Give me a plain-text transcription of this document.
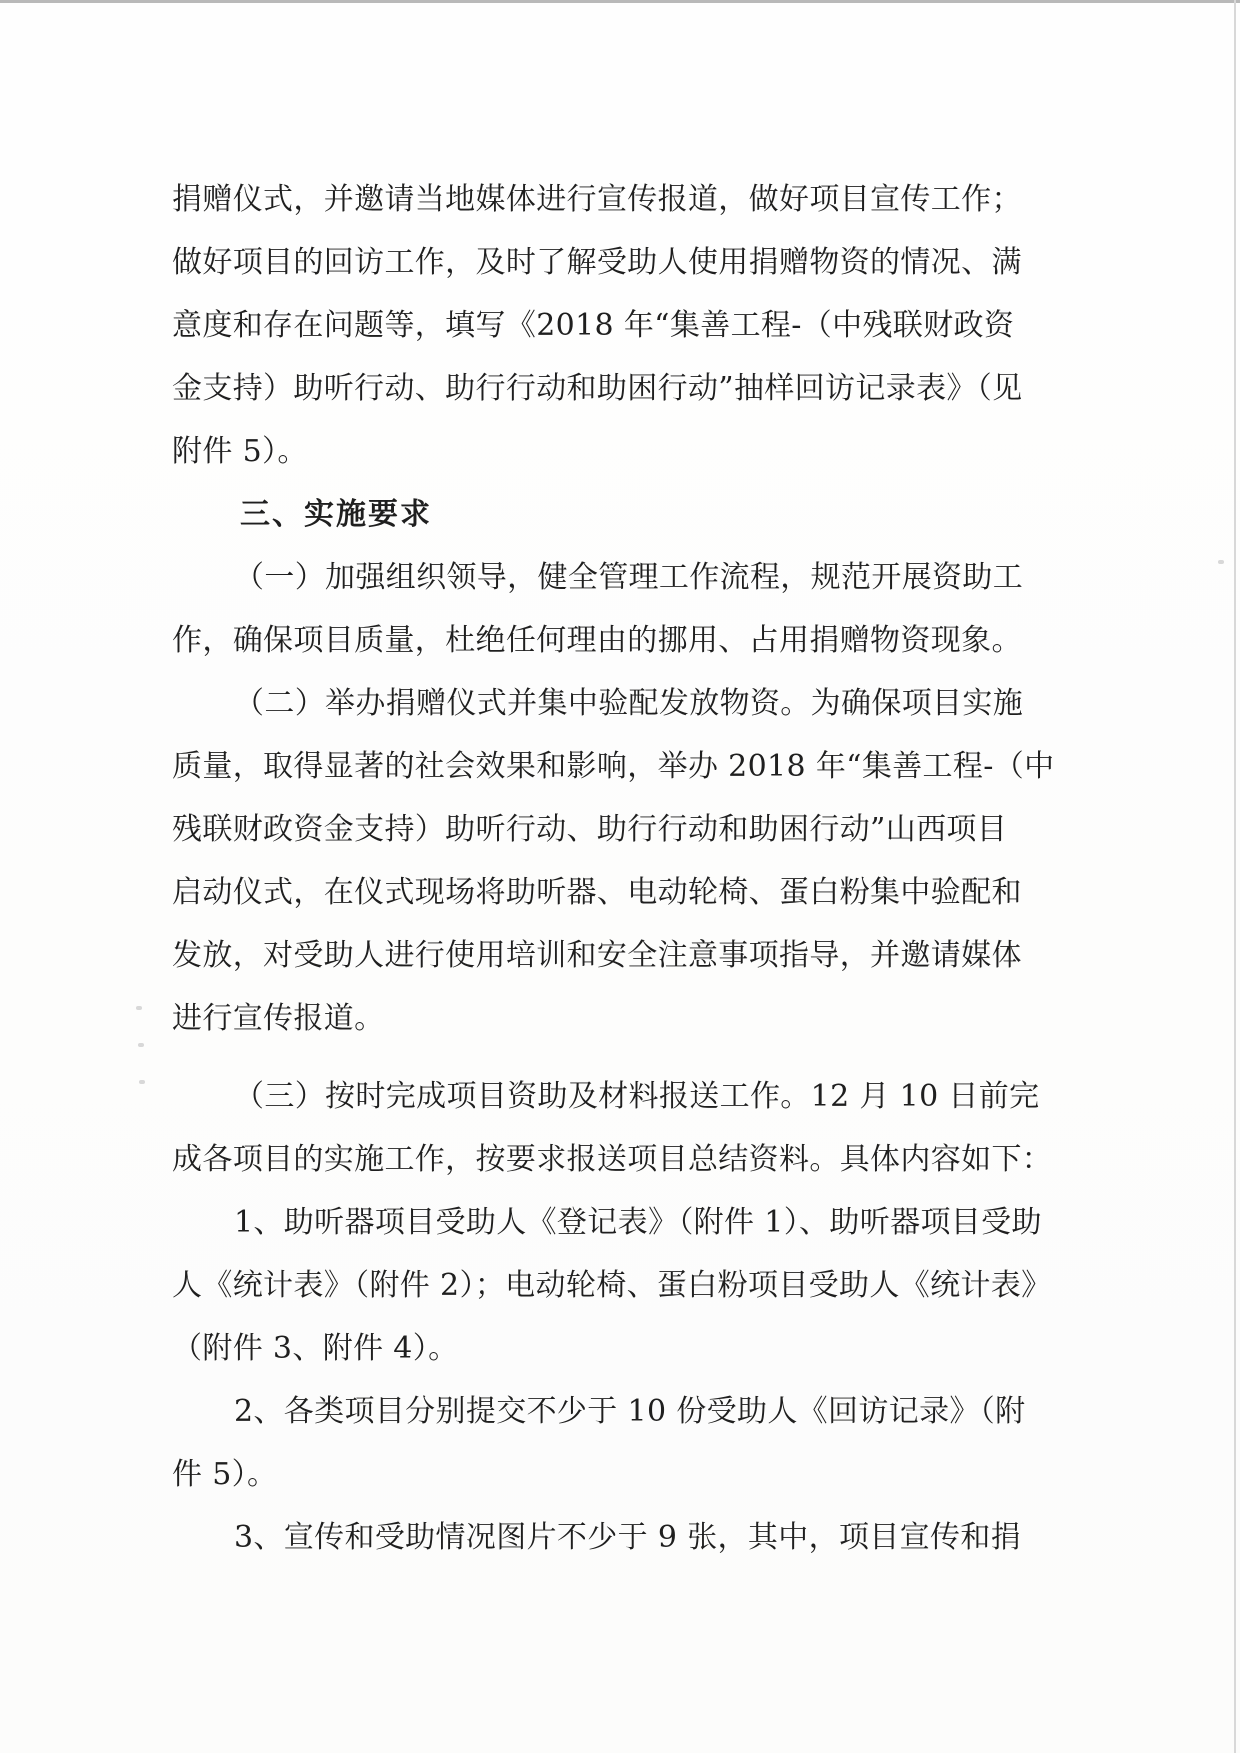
捐赠仪式，并邀请当地媒体进行宣传报道，做好项目宣传工作；
做好项目的回访工作，及时了解受助人使用捐赠物资的情况、满
意度和存在问题等，填写《2018 年“集善工程-（中残联财政资
金支持）助听行动、助行行动和助困行动”抽样回访记录表》（见
附件 5）。
三、实施要求
（一）加强组织领导，健全管理工作流程，规范开展资助工
作，确保项目质量，杜绝任何理由的挪用、占用捐赠物资现象。
（二）举办捐赠仪式并集中验配发放物资。为确保项目实施
质量，取得显著的社会效果和影响，举办 2018 年“集善工程-（中
残联财政资金支持）助听行动、助行行动和助困行动”山西项目
启动仪式，在仪式现场将助听器、电动轮椅、蛋白粉集中验配和
发放，对受助人进行使用培训和安全注意事项指导，并邀请媒体
进行宣传报道。
（三）按时完成项目资助及材料报送工作。12 月 10 日前完
成各项目的实施工作，按要求报送项目总结资料。具体内容如下：
1、助听器项目受助人《登记表》（附件 1）、助听器项目受助
人《统计表》（附件 2）；电动轮椅、蛋白粉项目受助人《统计表》
（附件 3、附件 4）。
2、各类项目分别提交不少于 10 份受助人《回访记录》（附
件 5）。
3、宣传和受助情况图片不少于 9 张，其中，项目宣传和捐
